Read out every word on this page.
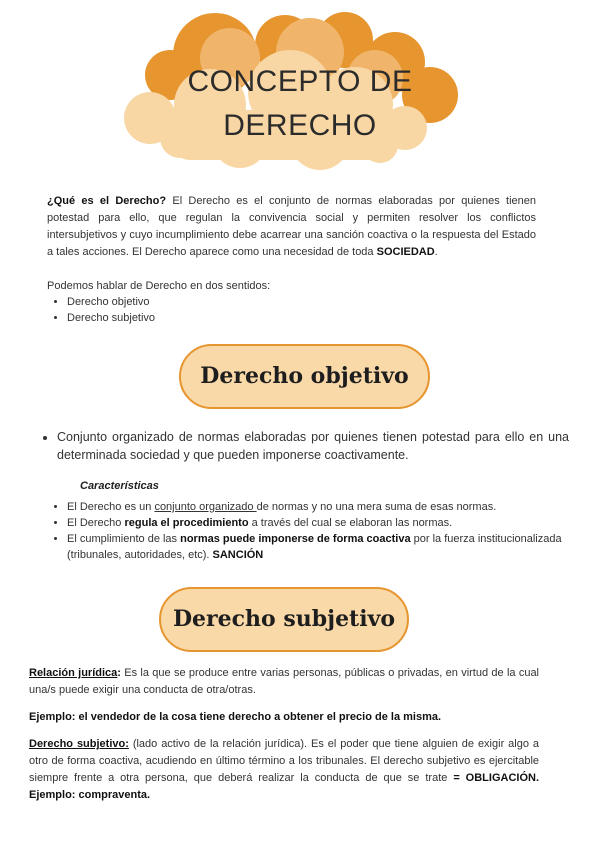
CONCEPTO DE
DERECHO
¿Qué es el Derecho? El Derecho es el conjunto de normas elaboradas por quienes tienen potestad para ello, que regulan la convivencia social y permiten resolver los conflictos intersubjetivos y cuyo incumplimiento debe acarrear una sanción coactiva o la respuesta del Estado a tales acciones. El Derecho aparece como una necesidad de toda SOCIEDAD.
Podemos hablar de Derecho en dos sentidos:
• Derecho objetivo
• Derecho subjetivo
Derecho objetivo
• Conjunto organizado de normas elaboradas por quienes tienen potestad para ello en una determinada sociedad y que pueden imponerse coactivamente.
Características
• El Derecho es un conjunto organizado de normas y no una mera suma de esas normas.
• El Derecho regula el procedimiento a través del cual se elaboran las normas.
• El cumplimiento de las normas puede imponerse de forma coactiva por la fuerza institucionalizada (tribunales, autoridades, etc). SANCIÓN
Derecho subjetivo
Relación jurídica: Es la que se produce entre varias personas, públicas o privadas, en virtud de la cual una/s puede exigir una conducta de otra/otras.
Ejemplo: el vendedor de la cosa tiene derecho a obtener el precio de la misma.
Derecho subjetivo: (lado activo de la relación jurídica). Es el poder que tiene alguien de exigir algo a otro de forma coactiva, acudiendo en último término a los tribunales. El derecho subjetivo es ejercitable siempre frente a otra persona, que deberá realizar la conducta de que se trate = OBLIGACIÓN. Ejemplo: compraventa.
